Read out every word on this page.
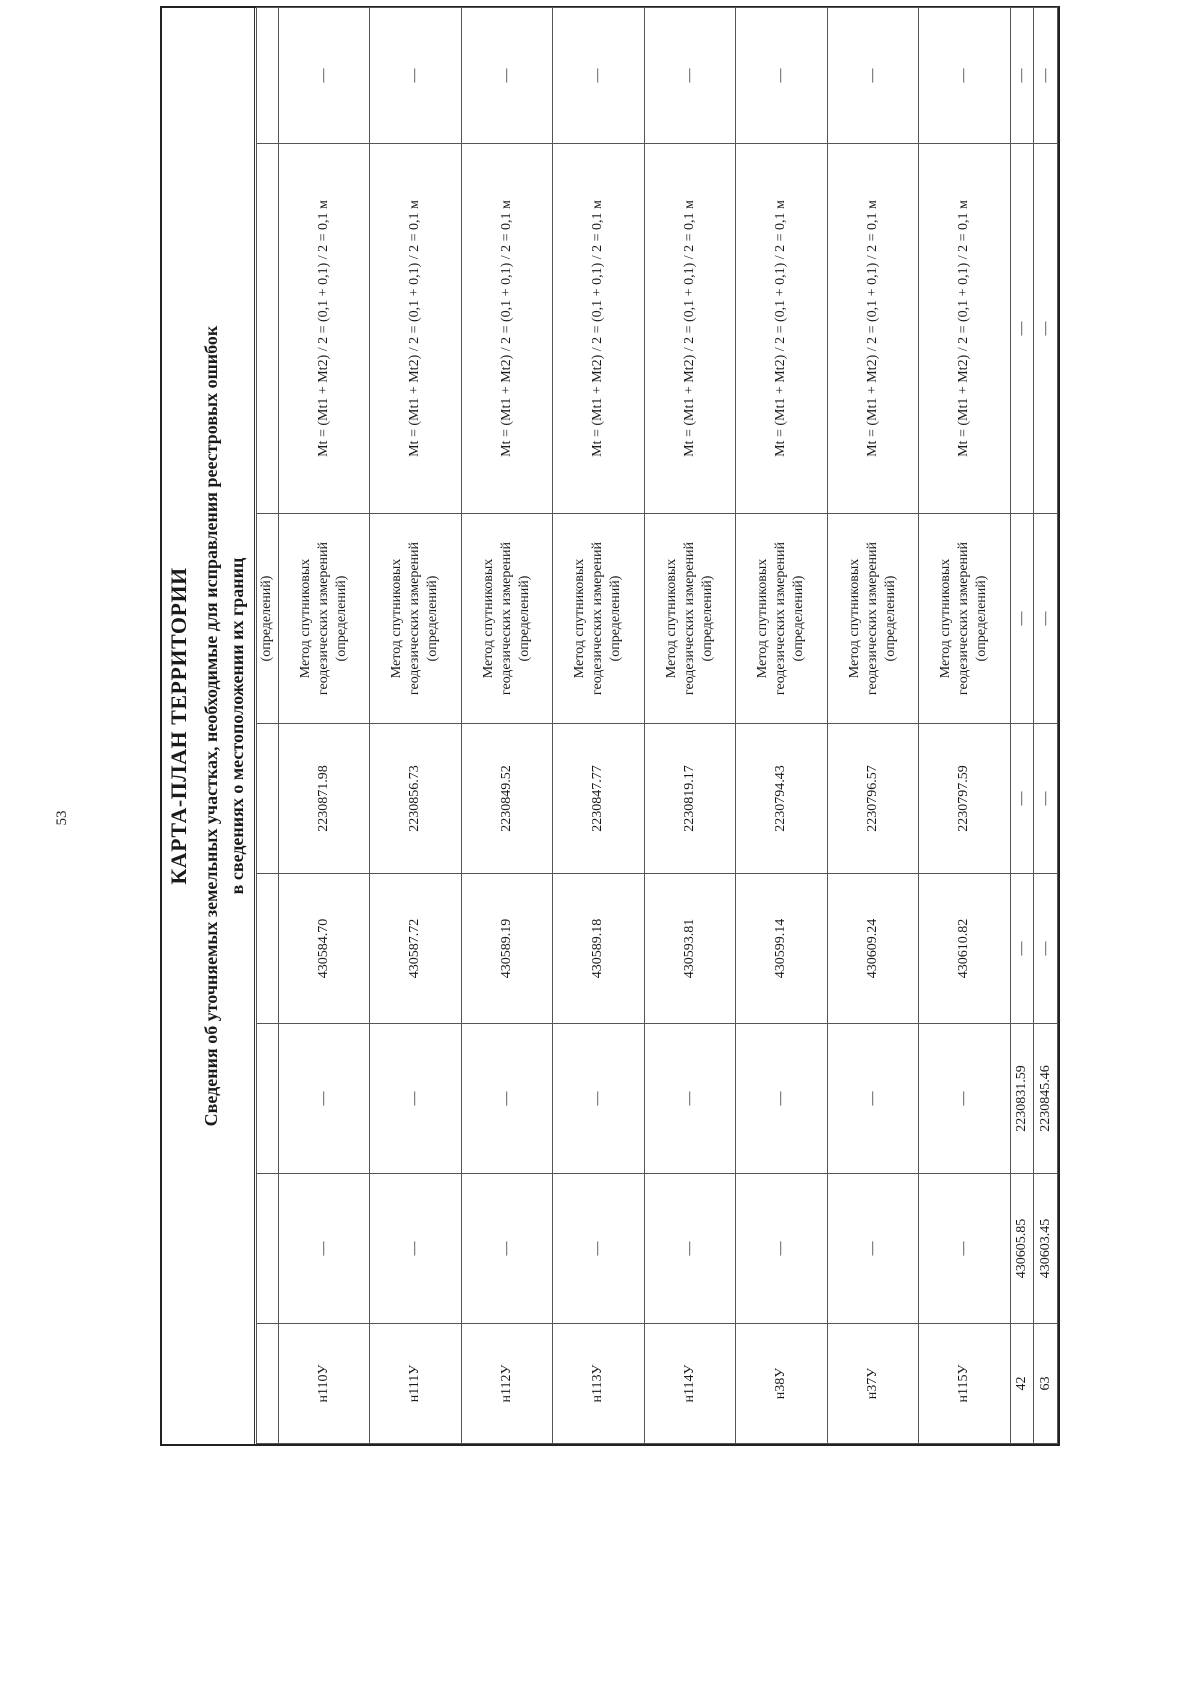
53	КАРТА-ПЛАН ТЕРРИТОРИИ Сведения об уточняемых земельных участках, необходимые для исправления реестровых ошибок в сведениях о местоположении их границ
					(определений)		
н110У	—	—	430584.70	2230871.98	Метод спутниковых геодезических измерений (определений)	Mt = (Mt1 + Mt2) / 2 = (0,1 + 0,1) / 2 = 0,1 м	—
н111У	—	—	430587.72	2230856.73	Метод спутниковых геодезических измерений (определений)	Mt = (Mt1 + Mt2) / 2 = (0,1 + 0,1) / 2 = 0,1 м	—
н112У	—	—	430589.19	2230849.52	Метод спутниковых геодезических измерений (определений)	Mt = (Mt1 + Mt2) / 2 = (0,1 + 0,1) / 2 = 0,1 м	—
н113У	—	—	430589.18	2230847.77	Метод спутниковых геодезических измерений (определений)	Mt = (Mt1 + Mt2) / 2 = (0,1 + 0,1) / 2 = 0,1 м	—
н114У	—	—	430593.81	2230819.17	Метод спутниковых геодезических измерений (определений)	Mt = (Mt1 + Mt2) / 2 = (0,1 + 0,1) / 2 = 0,1 м	—
н38У	—	—	430599.14	2230794.43	Метод спутниковых геодезических измерений (определений)	Mt = (Mt1 + Mt2) / 2 = (0,1 + 0,1) / 2 = 0,1 м	—
н37У	—	—	430609.24	2230796.57	Метод спутниковых геодезических измерений (определений)	Mt = (Mt1 + Mt2) / 2 = (0,1 + 0,1) / 2 = 0,1 м	—
н115У	—	—	430610.82	2230797.59	Метод спутниковых геодезических измерений (определений)	Mt = (Mt1 + Mt2) / 2 = (0,1 + 0,1) / 2 = 0,1 м	—
42	430605.85	2230831.59	—	—	—	—	—
63	430603.45	2230845.46	—	—	—	—	—
